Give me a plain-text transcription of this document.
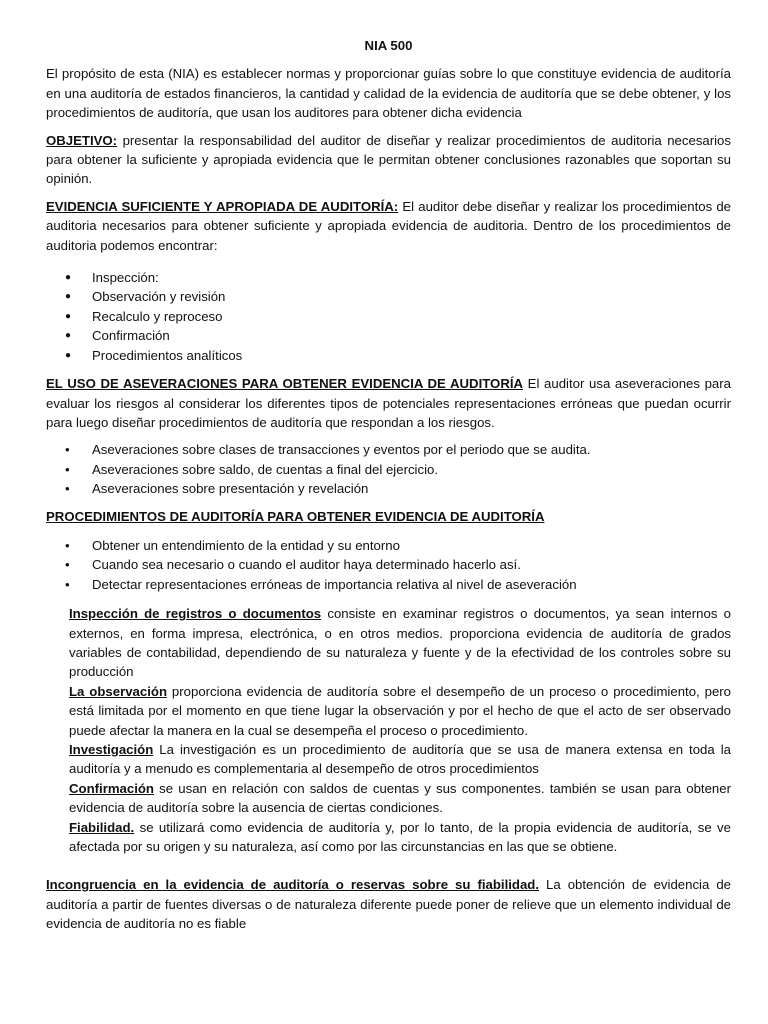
NIA 500

El propósito de esta (NIA) es establecer normas y proporcionar guías sobre lo que constituye evidencia de auditoría en una auditoría de estados financieros, la cantidad y calidad de la evidencia de auditoría que se debe obtener, y los procedimientos de auditoría, que usan los auditores para obtener dicha evidencia

OBJETIVO: presentar la responsabilidad del auditor de diseñar y realizar procedimientos de auditoria necesarios para obtener la suficiente y apropiada evidencia que le permitan obtener conclusiones razonables que soportan su opinión.

EVIDENCIA SUFICIENTE Y APROPIADA DE AUDITORÍA: El auditor debe diseñar y realizar los procedimientos de auditoria necesarios para obtener suficiente y apropiada evidencia de auditoria. Dentro de los procedimientos de auditoria podemos encontrar:

● Inspección:
● Observación y revisión
● Recalculo y reproceso
● Confirmación
● Procedimientos analíticos

EL USO DE ASEVERACIONES PARA OBTENER EVIDENCIA DE AUDITORÍA El auditor usa aseveraciones para evaluar los riesgos al considerar los diferentes tipos de potenciales representaciones erróneas que puedan ocurrir para luego diseñar procedimientos de auditoría que respondan a los riesgos.

• Aseveraciones sobre clases de transacciones y eventos por el periodo que se audita.
• Aseveraciones sobre saldo, de cuentas a final del ejercicio.
• Aseveraciones sobre presentación y revelación

PROCEDIMIENTOS DE AUDITORÍA PARA OBTENER EVIDENCIA DE AUDITORÍA

• Obtener un entendimiento de la entidad y su entorno
• Cuando sea necesario o cuando el auditor haya determinado hacerlo así.
• Detectar representaciones erróneas de importancia relativa al nivel de aseveración

Inspección de registros o documentos consiste en examinar registros o documentos, ya sean internos o externos, en forma impresa, electrónica, o en otros medios. proporciona evidencia de auditoría de grados variables de contabilidad, dependiendo de su naturaleza y fuente y de la efectividad de los controles sobre su producción

La observación proporciona evidencia de auditoría sobre el desempeño de un proceso o procedimiento, pero está limitada por el momento en que tiene lugar la observación y por el hecho de que el acto de ser observado puede afectar la manera en la cual se desempeña el proceso o procedimiento.

Investigación La investigación es un procedimiento de auditoría que se usa de manera extensa en toda la auditoría y a menudo es complementaria al desempeño de otros procedimientos

Confirmación se usan en relación con saldos de cuentas y sus componentes. también se usan para obtener evidencia de auditoría sobre la ausencia de ciertas condiciones.

Fiabilidad. se utilizará como evidencia de auditoría y, por lo tanto, de la propia evidencia de auditoría, se ve afectada por su origen y su naturaleza, así como por las circunstancias en las que se obtiene.

Incongruencia en la evidencia de auditoría o reservas sobre su fiabilidad. La obtención de evidencia de auditoría a partir de fuentes diversas o de naturaleza diferente puede poner de relieve que un elemento individual de evidencia de auditoría no es fiable
